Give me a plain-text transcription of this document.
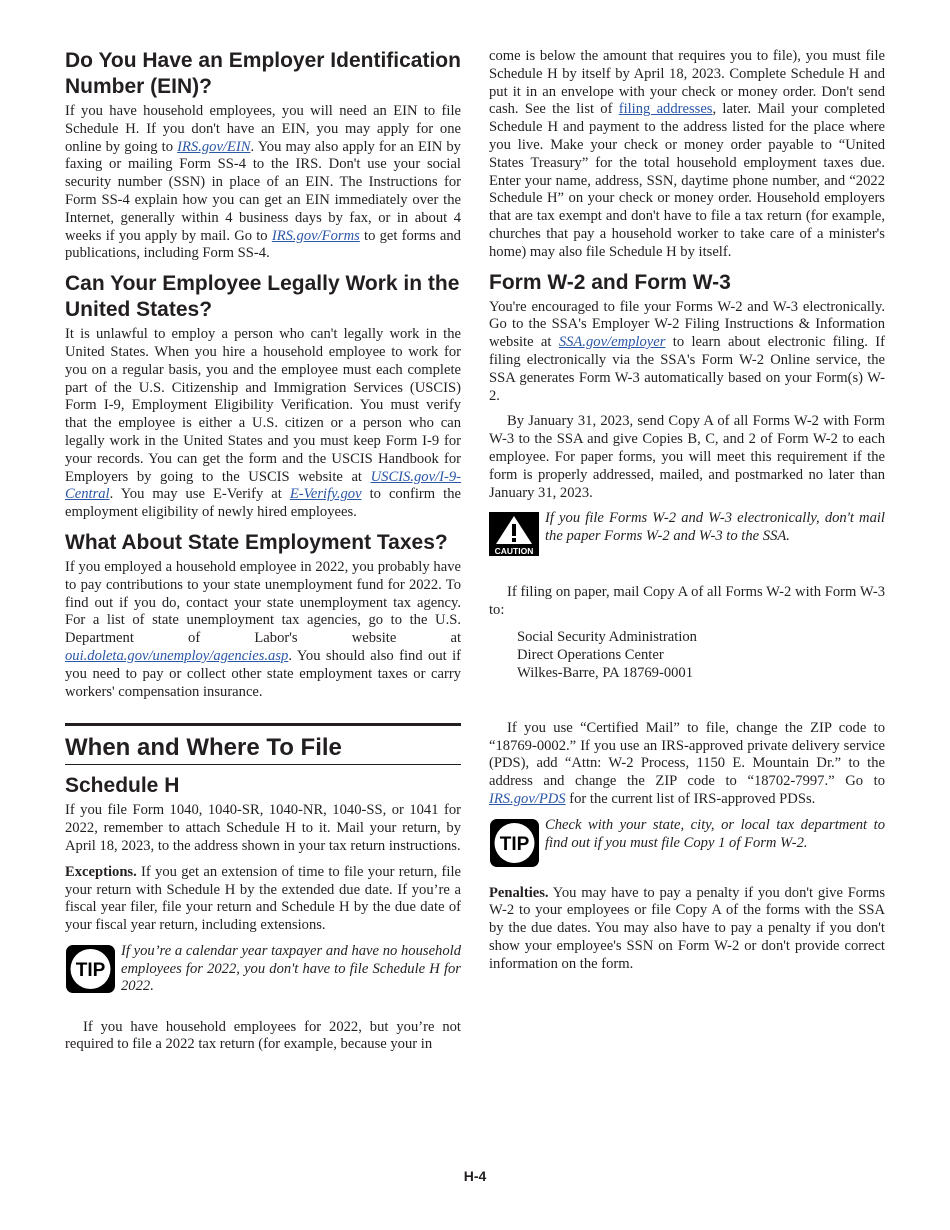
Do You Have an Employer Identification Number (EIN)?

If you have household employees, you will need an EIN to file Schedule H. If you don't have an EIN, you may apply for one online by going to IRS.gov/EIN. You may also apply for an EIN by faxing or mailing Form SS-4 to the IRS. Don't use your social security number (SSN) in place of an EIN. The Instructions for Form SS-4 explain how you can get an EIN immediately over the Internet, generally within 4 business days by fax, or in about 4 weeks if you apply by mail. Go to IRS.gov/Forms to get forms and publications, including Form SS-4.

Can Your Employee Legally Work in the United States?

It is unlawful to employ a person who can't legally work in the United States. When you hire a household employee to work for you on a regular basis, you and the employee must each complete part of the U.S. Citizenship and Immigration Services (USCIS) Form I-9, Employment Eligibility Verification. You must verify that the employee is either a U.S. citizen or a person who can legally work in the United States and you must keep Form I-9 for your records. You can get the form and the USCIS Handbook for Employers by going to the USCIS website at USCIS.gov/I-9-Central. You may use E-Verify at E-Verify.gov to confirm the employment eligibility of newly hired employees.

What About State Employment Taxes?

If you employed a household employee in 2022, you probably have to pay contributions to your state unemployment fund for 2022. To find out if you do, contact your state unemployment tax agency. For a list of state unemployment tax agencies, go to the U.S. Department of Labor's website at oui.doleta.gov/unemploy/agencies.asp. You should also find out if you need to pay or collect other state employment taxes or carry workers' compensation insurance.

When and Where To File
Schedule H

If you file Form 1040, 1040-SR, 1040-NR, 1040-SS, or 1041 for 2022, remember to attach Schedule H to it. Mail your return, by April 18, 2023, to the address shown in your tax return instructions.

Exceptions. If you get an extension of time to file your return, file your return with Schedule H by the extended due date. If you’re a fiscal year filer, file your return and Schedule H by the due date of your fiscal year return, including extensions.

TIP
If you’re a calendar year taxpayer and have no household employees for 2022, you don't have to file Schedule H for 2022.

If you have household employees for 2022, but you’re not required to file a 2022 tax return (for example, because your in

come is below the amount that requires you to file), you must file Schedule H by itself by April 18, 2023. Complete Schedule H and put it in an envelope with your check or money order. Don't send cash. See the list of filing addresses, later. Mail your completed Schedule H and payment to the address listed for the place where you live. Make your check or money order payable to “United States Treasury” for the total household employment taxes due. Enter your name, address, SSN, daytime phone number, and “2022 Schedule H” on your check or money order. Household employers that are tax exempt and don't have to file a tax return (for example, churches that pay a household worker to take care of a minister's home) may also file Schedule H by itself.

Form W-2 and Form W-3

You're encouraged to file your Forms W-2 and W-3 electronically. Go to the SSA's Employer W-2 Filing Instructions & Information website at SSA.gov/employer to learn about electronic filing. If filing electronically via the SSA's Form W-2 Online service, the SSA generates Form W-3 automatically based on your Form(s) W-2.

By January 31, 2023, send Copy A of all Forms W-2 with Form W-3 to the SSA and give Copies B, C, and 2 of Form W-2 to each employee. For paper forms, you will meet this requirement if the form is properly addressed, mailed, and postmarked no later than January 31, 2023.

CAUTION
If you file Forms W-2 and W-3 electronically, don't mail the paper Forms W-2 and W-3 to the SSA.

If filing on paper, mail Copy A of all Forms W-2 with Form W-3 to:

Social Security Administration
Direct Operations Center
Wilkes-Barre, PA 18769-0001

If you use “Certified Mail” to file, change the ZIP code to “18769-0002.” If you use an IRS-approved private delivery service (PDS), add “Attn: W-2 Process, 1150 E. Mountain Dr.” to the address and change the ZIP code to “18702-7997.” Go to IRS.gov/PDS for the current list of IRS-approved PDSs.

TIP
Check with your state, city, or local tax department to find out if you must file Copy 1 of Form W-2.

Penalties. You may have to pay a penalty if you don't give Forms W-2 to your employees or file Copy A of the forms with the SSA by the due dates. You may also have to pay a penalty if you don't show your employee's SSN on Form W-2 or don't provide correct information on the form.

H-4
